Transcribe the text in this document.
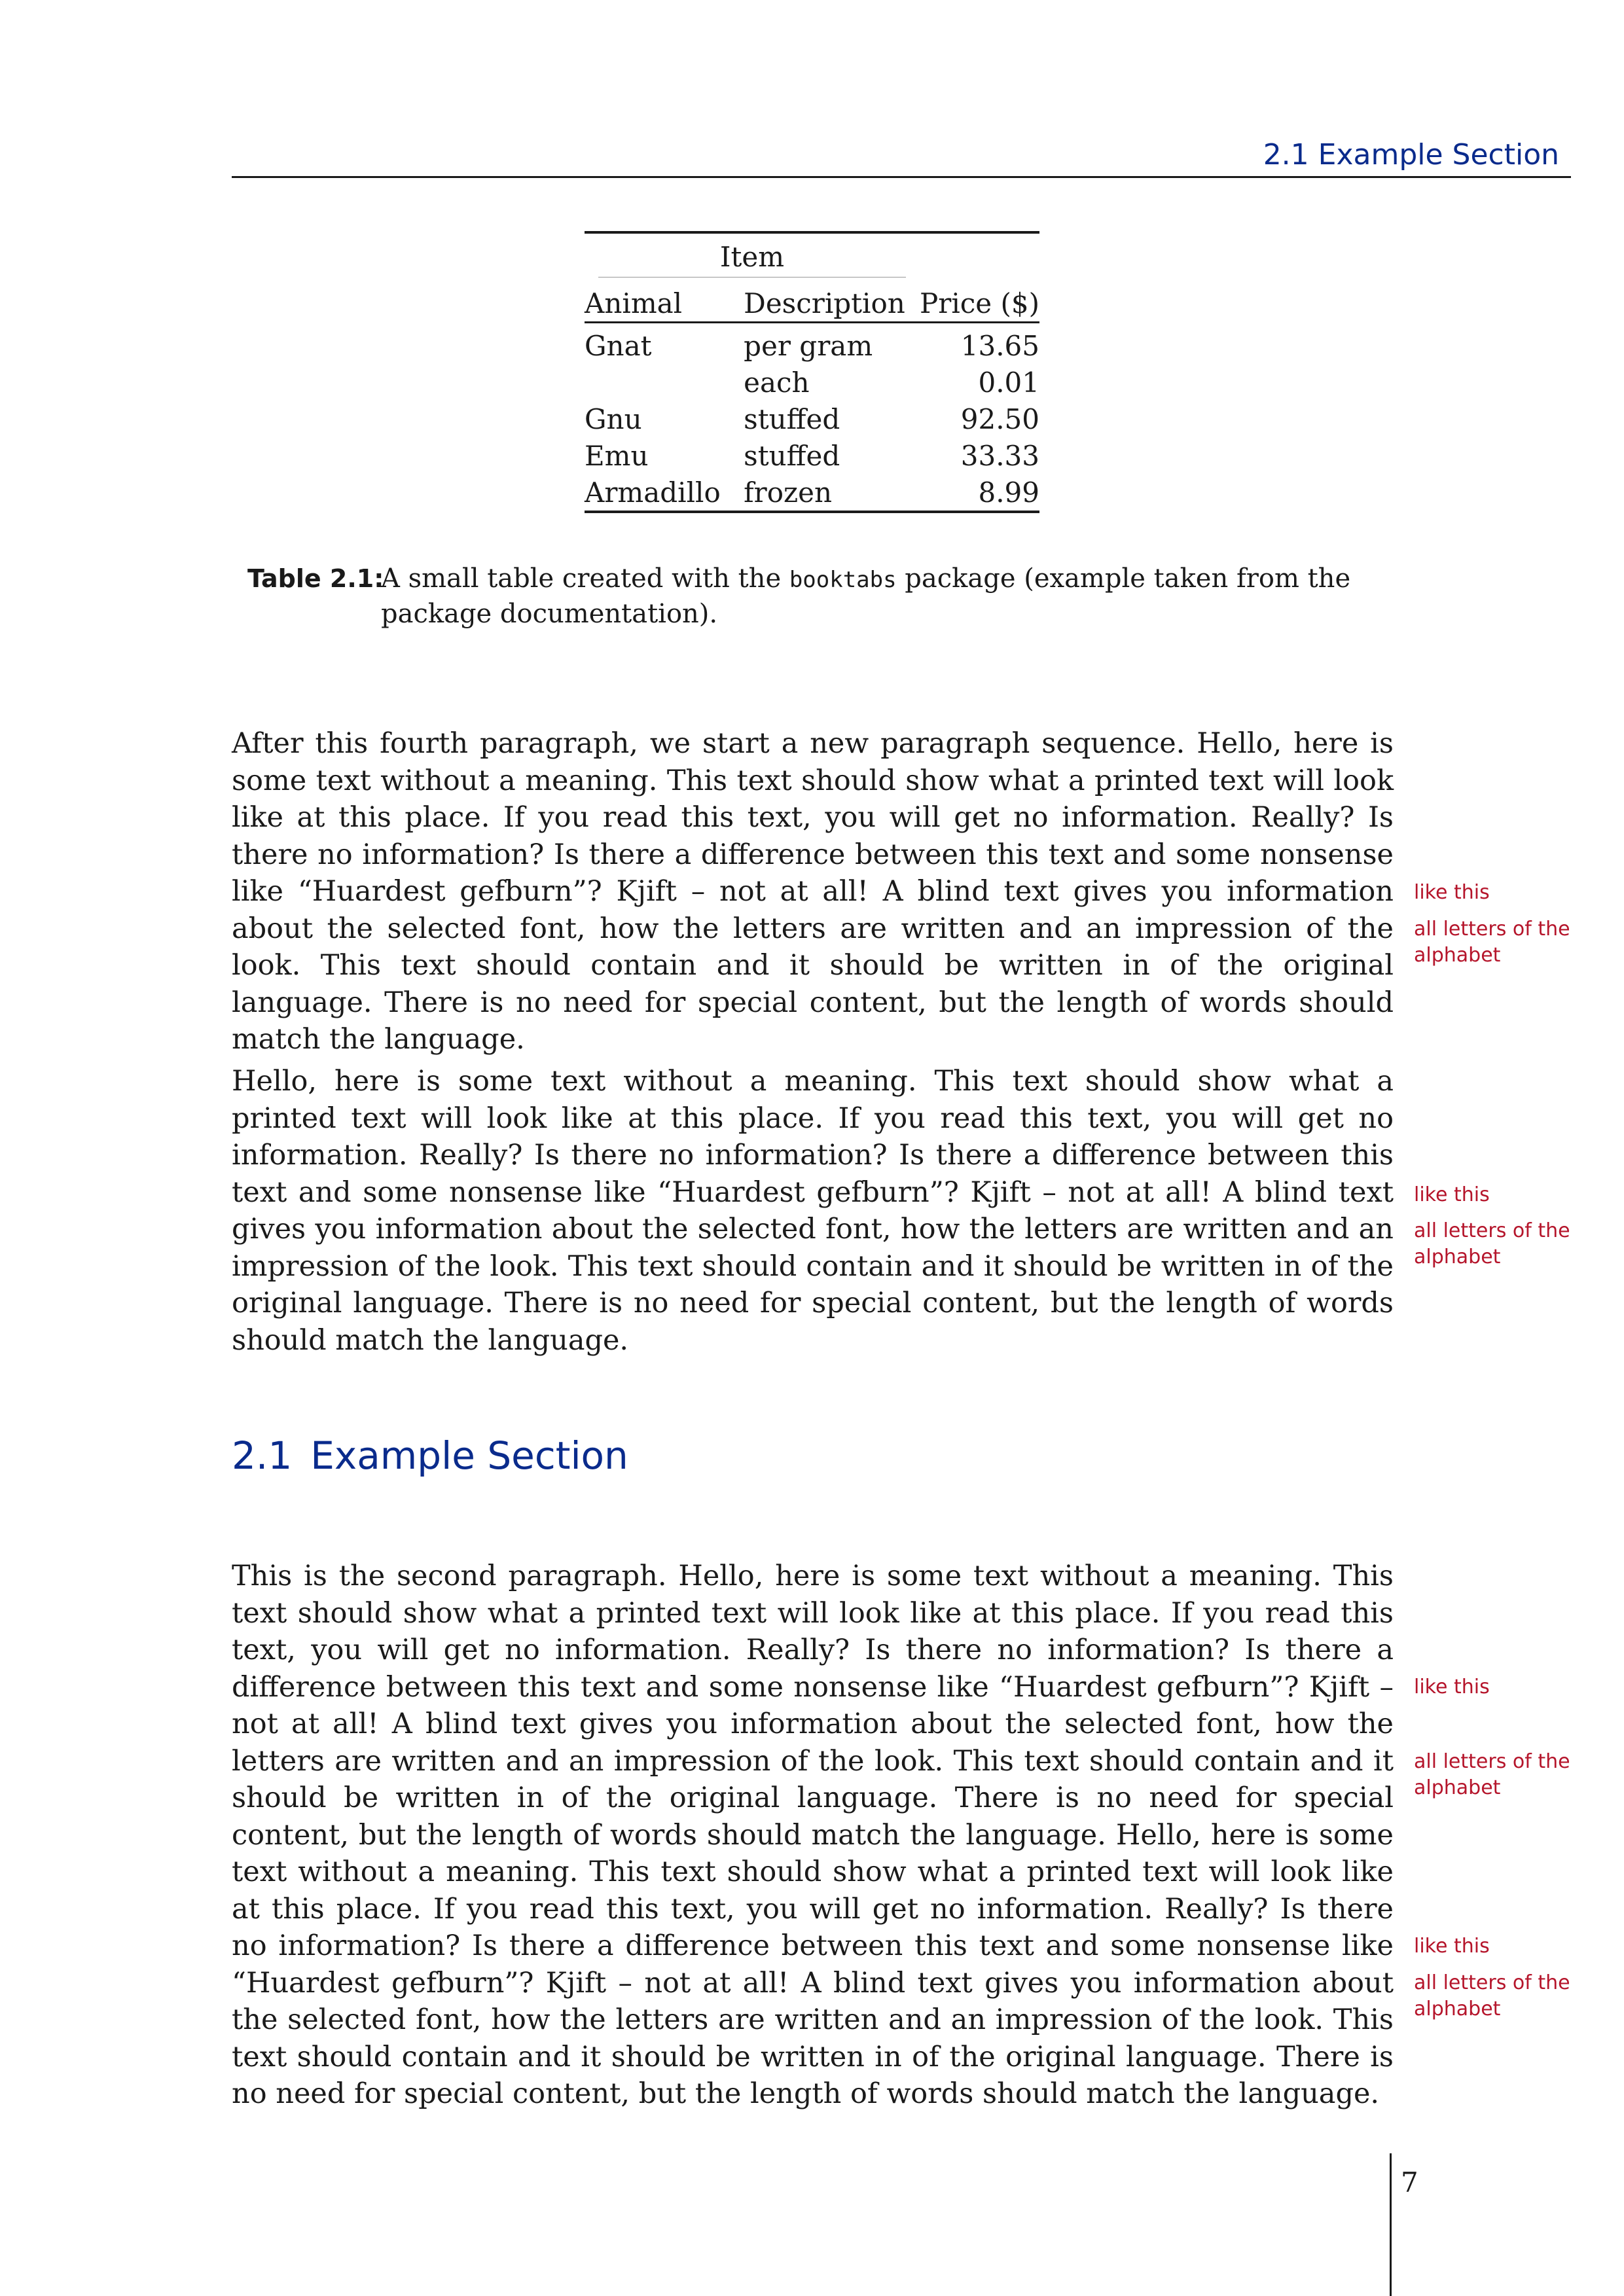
2.1 Example Section
Item		
Animal	Description	Price ($)
Gnat	per gram	13.65
	each	0.01
Gnu	stuffed	92.50
Emu	stuffed	33.33
Armadillo	frozen	8.99
Table 2.1:
A small table created with the booktabs package (example taken from the package documentation).

After this fourth paragraph, we start a new paragraph sequence. Hello, here is some text without a meaning. This text should show what a printed text will look like at this place. If you read this text, you will get no information. Really? Is there no information? Is there a difference between this text and some nonsense like “Huardest gefburn”? Kjift – not at all! A blind text gives you information about the selected font, how the letters are written and an impression of the look. This text should contain and it should be written in of the original language. There is no need for special content, but the length of words should match the language.

Hello, here is some text without a meaning. This text should show what a printed text will look like at this place. If you read this text, you will get no information. Really? Is there no information? Is there a difference between this text and some nonsense like “Huardest gefburn”? Kjift – not at all! A blind text gives you information about the selected font, how the letters are written and an impression of the look. This text should contain and it should be written in of the original language. There is no need for special content, but the length of words should match the language.

2.1 Example Section

This is the second paragraph. Hello, here is some text without a meaning. This text should show what a printed text will look like at this place. If you read this text, you will get no information. Really? Is there no information? Is there a difference between this text and some nonsense like “Huardest gefburn”? Kjift – not at all! A blind text gives you information about the selected font, how the letters are written and an impression of the look. This text should contain and it should be written in of the original language. There is no need for special content, but the length of words should match the language. Hello, here is some text without a meaning. This text should show what a printed text will look like at this place. If you read this text, you will get no information. Really? Is there no information? Is there a difference between this text and some nonsense like “Huardest gefburn”? Kjift – not at all! A blind text gives you information about the selected font, how the letters are written and an impression of the look. This text should contain and it should be written in of the original language. There is no need for special content, but the length of words should match the language.

like this
all letters of the alphabet
like this
all letters of the alphabet
like this
all letters of the alphabet
like this
all letters of the alphabet
7
